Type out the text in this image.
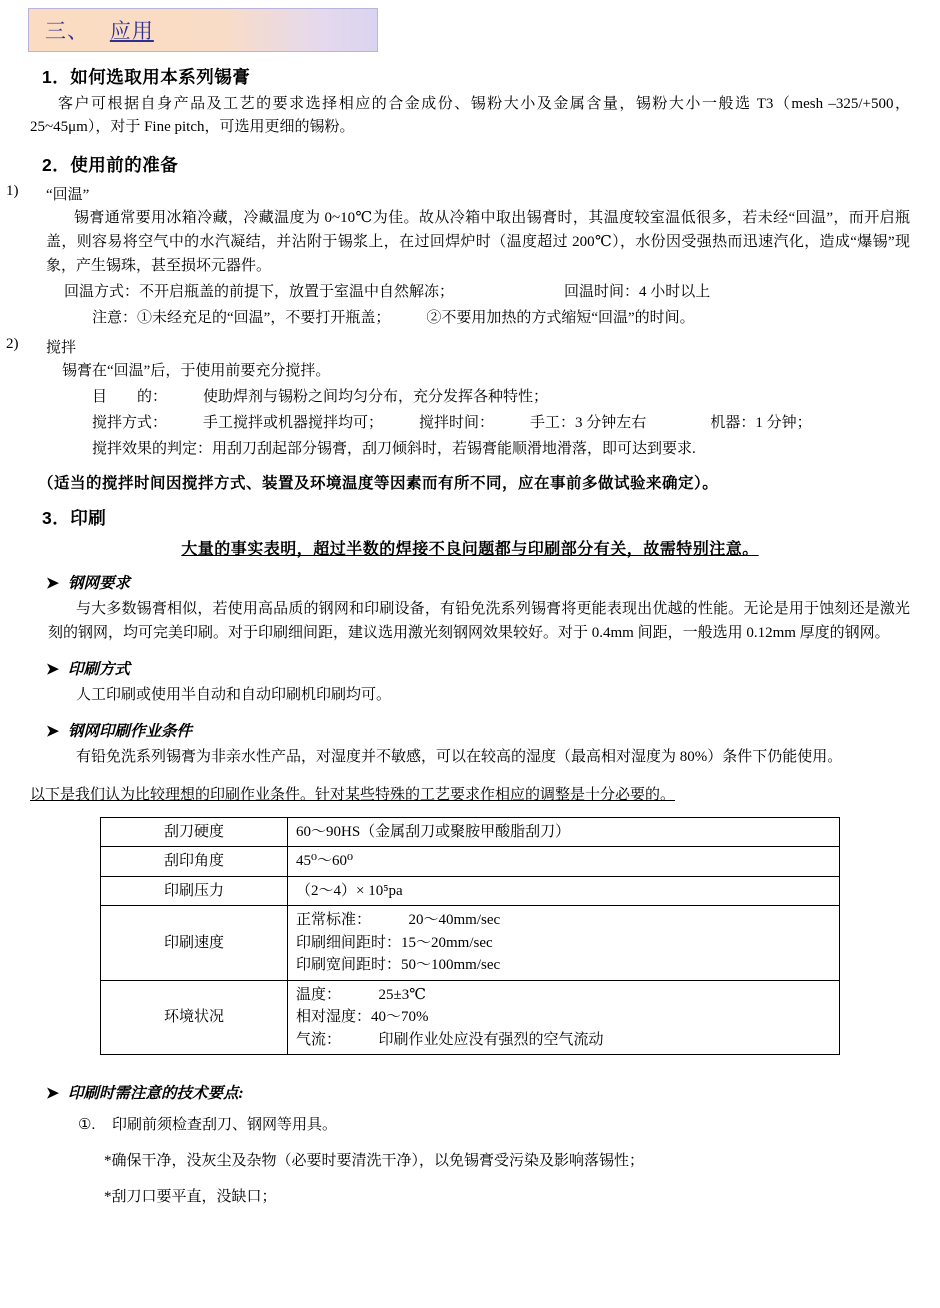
三、 应用
1．如何选取用本系列锡膏
客户可根据自身产品及工艺的要求选择相应的合金成份、锡粉大小及金属含量，锡粉大小一般选 T3（mesh –325/+500，25~45μm），对于 Fine pitch，可选用更细的锡粉。
2．使用前的准备
1) “回温”
锡膏通常要用冰箱冷藏，冷藏温度为 0~10℃为佳。故从冷箱中取出锡膏时，其温度较室温低很多，若未经“回温”，而开启瓶盖，则容易将空气中的水汽凝结，并沾附于锡浆上，在过回焊炉时（温度超过 200℃），水份因受强热而迅速汽化，造成“爆锡”现象，产生锡珠，甚至损坏元器件。
回温方式：不开启瓶盖的前提下，放置于室温中自然解冻；	回温时间：4 小时以上
注意：①未经充足的“回温”，不要打开瓶盖； ②不要用加热的方式缩短“回温”的时间。
2) 搅拌
锡膏在“回温”后，于使用前要充分搅拌。
目　　的： 使助焊剂与锡粉之间均匀分布，充分发挥各种特性；
搅拌方式： 手工搅拌或机器搅拌均可； 搅拌时间： 手工：3 分钟左右	机器：1 分钟；
搅拌效果的判定：用刮刀刮起部分锡膏，刮刀倾斜时，若锡膏能顺滑地滑落，即可达到要求.
（适当的搅拌时间因搅拌方式、装置及环境温度等因素而有所不同，应在事前多做试验来确定）。
3．印刷
大量的事实表明，超过半数的焊接不良问题都与印刷部分有关，故需特别注意。
➤ 钢网要求
与大多数锡膏相似，若使用高品质的钢网和印刷设备，有铅免洗系列锡膏将更能表现出优越的性能。无论是用于蚀刻还是激光刻的钢网，均可完美印刷。对于印刷细间距，建议选用激光刻钢网效果较好。对于 0.4mm 间距，一般选用 0.12mm 厚度的钢网。
➤ 印刷方式
人工印刷或使用半自动和自动印刷机印刷均可。
➤ 钢网印刷作业条件
有铅免洗系列锡膏为非亲水性产品，对湿度并不敏感，可以在较高的湿度（最高相对湿度为 80%）条件下仍能使用。
以下是我们认为比较理想的印刷作业条件。针对某些特殊的工艺要求作相应的调整是十分必要的。
刮刀硬度	60～90HS（金属刮刀或聚胺甲酸脂刮刀）
刮印角度	45⁰～60⁰
印刷压力	（2～4）× 10⁵pa
印刷速度	正常标准：　　　20～40mm/sec
印刷细间距时：15～20mm/sec
印刷宽间距时：50～100mm/sec

环境状况	温度：　　　25±3℃
相对湿度：40～70%
气流：　　　印刷作业处应没有强烈的空气流动
➤ 印刷时需注意的技术要点:
①. 印刷前须检查刮刀、钢网等用具。
*确保干净，没灰尘及杂物（必要时要清洗干净），以免锡膏受污染及影响落锡性；
*刮刀口要平直，没缺口；
